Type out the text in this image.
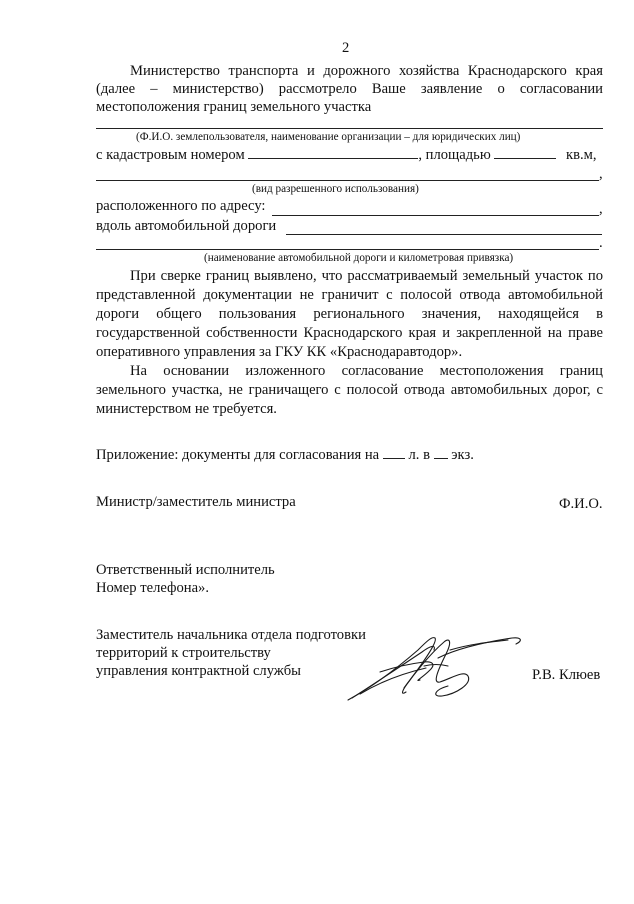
2
Министерство транспорта и дорожного хозяйства Краснодарского края
(далее – министерство) рассмотрело Ваше заявление о согласовании
местоположения границ земельного участка
(Ф.И.О. землепользователя, наименование организации – для юридических лиц)
с кадастровым номером	, площадью	кв.м,
,
(вид разрешенного использования)
расположенного по адресу:	,
вдоль автомобильной дороги
.
(наименование автомобильной дороги и километровая привязка)
При сверке границ выявлено, что рассматриваемый земельный участок по
представленной документации не граничит с полосой отвода автомобильной
дороги общего пользования регионального значения, находящейся в
государственной собственности Краснодарского края и закрепленной на праве
оперативного управления за ГКУ КК «Краснодаравтодор».
На основании изложенного согласование местоположения границ
земельного участка, не граничащего с полосой отвода автомобильных дорог, с
министерством не требуется.
Приложение: документы для согласования на л. в экз.
Министр/заместитель министра	Ф.И.О.
Ответственный исполнитель
Номер телефона».
Заместитель начальника отдела подготовки
территорий к строительству
управления контрактной службы	Р.В. Клюев
